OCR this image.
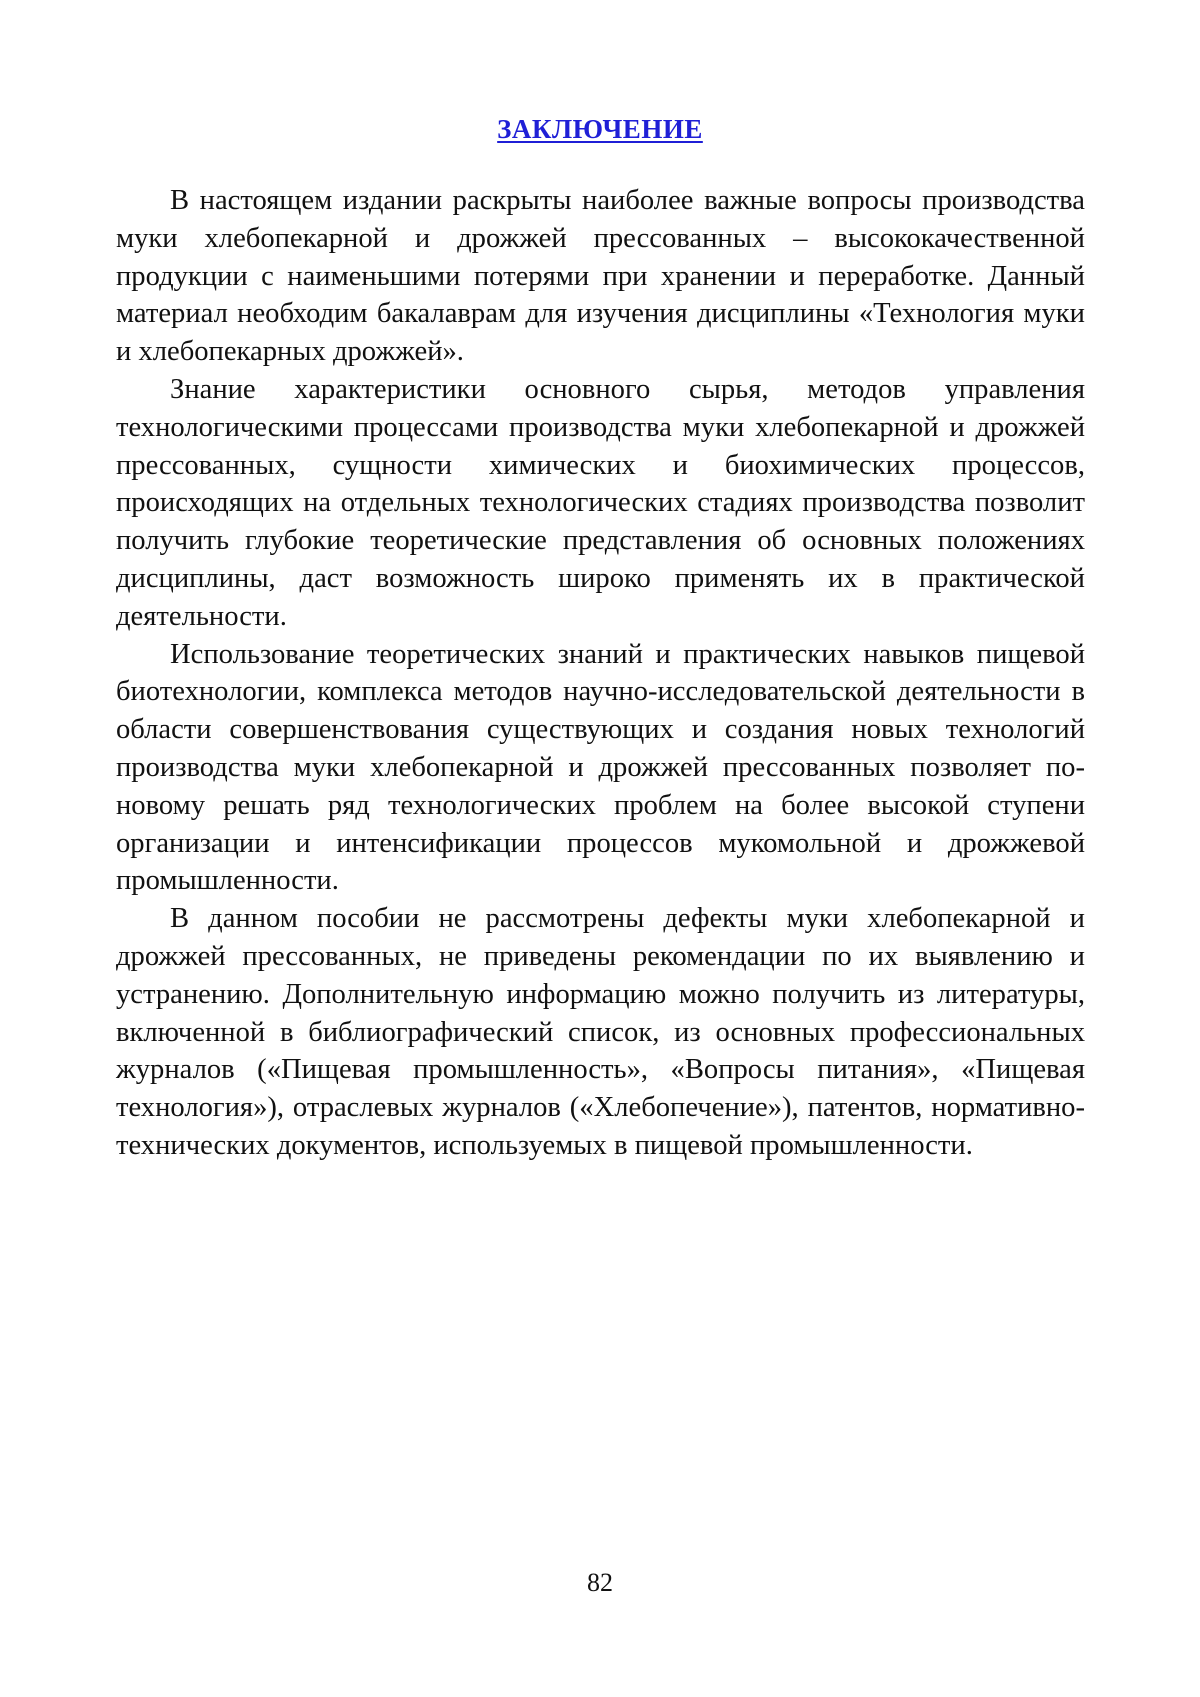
ЗАКЛЮЧЕНИЕ

В настоящем издании раскрыты наиболее важные вопросы производства муки хлебопекарной и дрожжей прессованных – высококачественной продукции с наименьшими потерями при хранении и переработке. Данный материал необходим бакалаврам для изучения дисциплины «Технология муки и хлебопекарных дрожжей».

Знание характеристики основного сырья, методов управления технологическими процессами производства муки хлебопекарной и дрожжей прессованных, сущности химических и биохимических процессов, происходящих на отдельных технологических стадиях производства позволит получить глубокие теоретические представления об основных положениях дисциплины, даст возможность широко применять их в практической деятельности.

Использование теоретических знаний и практических навыков пищевой биотехнологии, комплекса методов научно-исследовательской деятельности в области совершенствования существующих и создания новых технологий производства муки хлебопекарной и дрожжей прессованных позволяет по-новому решать ряд технологических проблем на более высокой ступени организации и интенсификации процессов мукомольной и дрожжевой промышленности.

В данном пособии не рассмотрены дефекты муки хлебопекарной и дрожжей прессованных, не приведены рекомендации по их выявлению и устранению. Дополнительную информацию можно получить из литературы, включенной в библиографический список, из основных профессиональных журналов («Пищевая промышленность», «Вопросы питания», «Пищевая технология»), отраслевых журналов («Хлебопечение»), патентов, нормативно-технических документов, используемых в пищевой промышленности.

82
